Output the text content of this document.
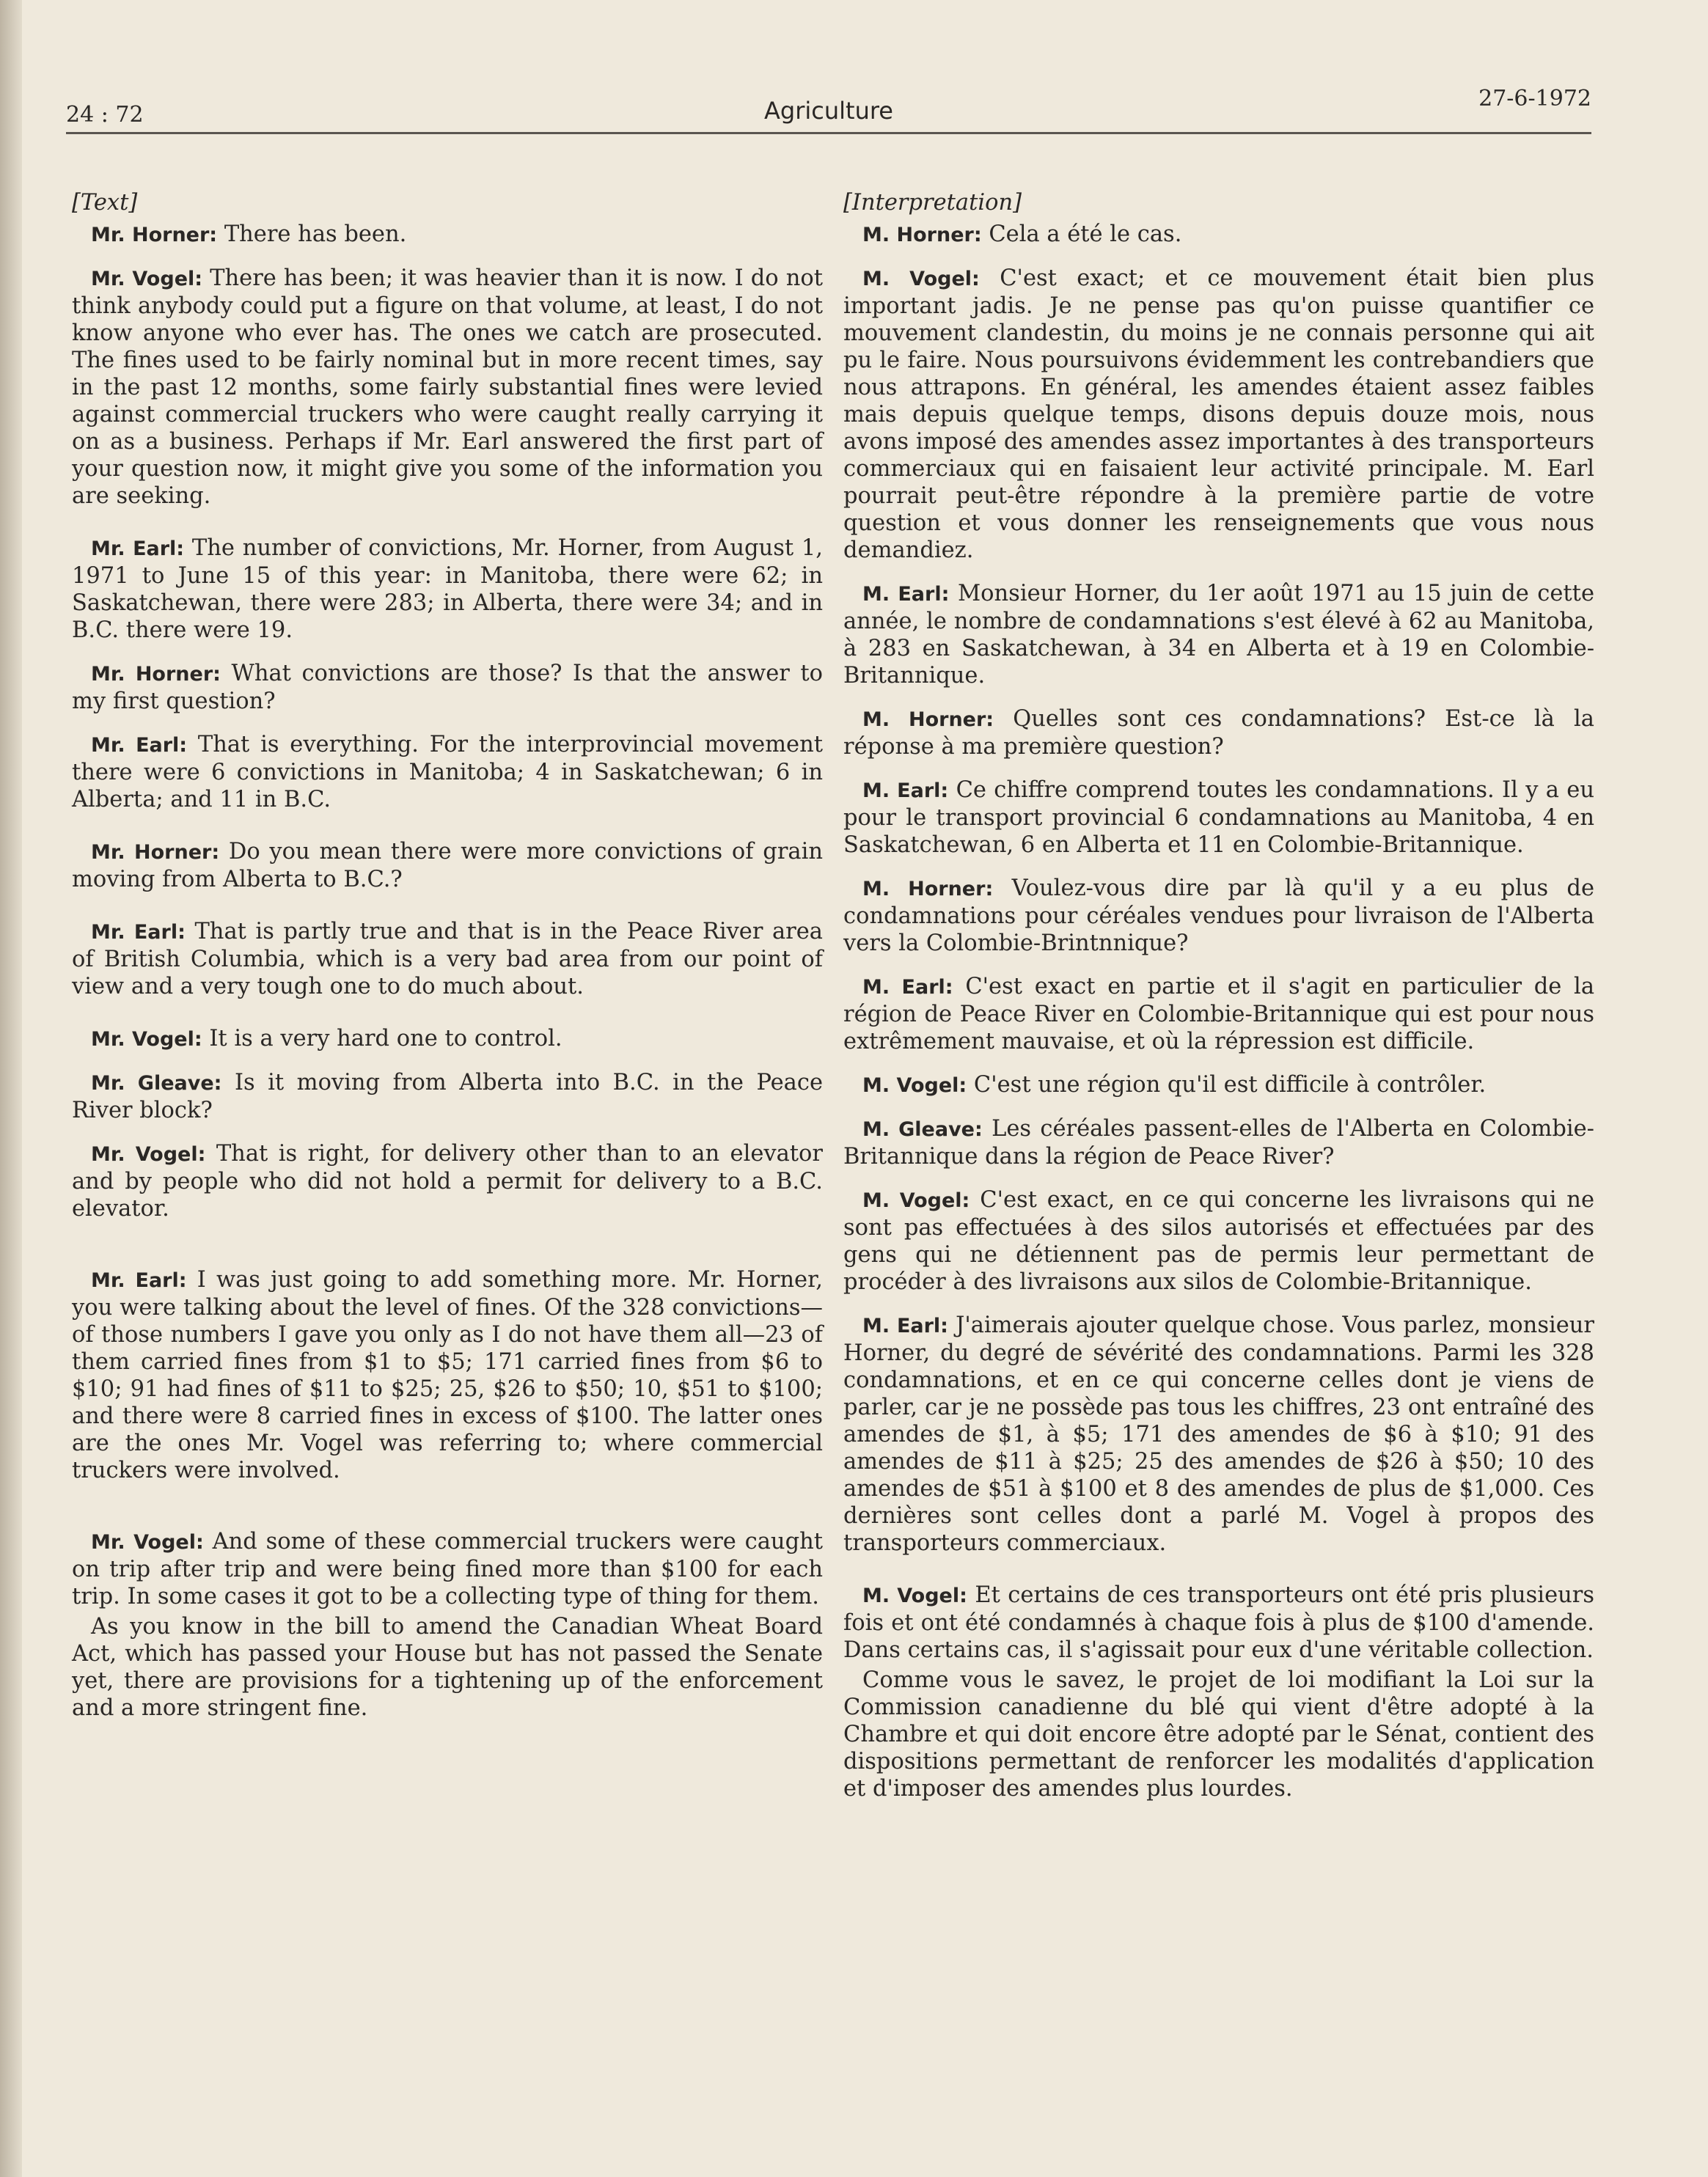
24 : 72	Agriculture	27-6-1972
[Text]

Mr. Horner: There has been.

Mr. Vogel: There has been; it was heavier than it is now. I do not think anybody could put a figure on that volume, at least, I do not know anyone who ever has. The ones we catch are prosecuted. The fines used to be fairly nominal but in more recent times, say in the past 12 months, some fairly substantial fines were levied against commercial truckers who were caught really carrying it on as a business. Perhaps if Mr. Earl answered the first part of your question now, it might give you some of the information you are seeking.

Mr. Earl: The number of convictions, Mr. Horner, from August 1, 1971 to June 15 of this year: in Manitoba, there were 62; in Saskatchewan, there were 283; in Alberta, there were 34; and in B.C. there were 19.

Mr. Horner: What convictions are those? Is that the answer to my first question?

Mr. Earl: That is everything. For the interprovincial movement there were 6 convictions in Manitoba; 4 in Saskatchewan; 6 in Alberta; and 11 in B.C.

Mr. Horner: Do you mean there were more convictions of grain moving from Alberta to B.C.?

Mr. Earl: That is partly true and that is in the Peace River area of British Columbia, which is a very bad area from our point of view and a very tough one to do much about.

Mr. Vogel: It is a very hard one to control.

Mr. Gleave: Is it moving from Alberta into B.C. in the Peace River block?

Mr. Vogel: That is right, for delivery other than to an elevator and by people who did not hold a permit for delivery to a B.C. elevator.

Mr. Earl: I was just going to add something more. Mr. Horner, you were talking about the level of fines. Of the 328 convictions—of those numbers I gave you only as I do not have them all—23 of them carried fines from $1 to $5; 171 carried fines from $6 to $10; 91 had fines of $11 to $25; 25, $26 to $50; 10, $51 to $100; and there were 8 carried fines in excess of $100. The latter ones are the ones Mr. Vogel was referring to; where commercial truckers were involved.

Mr. Vogel: And some of these commercial truckers were caught on trip after trip and were being fined more than $100 for each trip. In some cases it got to be a collecting type of thing for them.

As you know in the bill to amend the Canadian Wheat Board Act, which has passed your House but has not passed the Senate yet, there are provisions for a tightening up of the enforcement and a more stringent fine.

[Interpretation]

M. Horner: Cela a été le cas.

M. Vogel: C'est exact; et ce mouvement était bien plus important jadis. Je ne pense pas qu'on puisse quantifier ce mouvement clandestin, du moins je ne connais personne qui ait pu le faire. Nous poursuivons évidemment les contrebandiers que nous attrapons. En général, les amendes étaient assez faibles mais depuis quelque temps, disons depuis douze mois, nous avons imposé des amendes assez importantes à des transporteurs commerciaux qui en faisaient leur activité principale. M. Earl pourrait peut-être répondre à la première partie de votre question et vous donner les renseignements que vous nous demandiez.

M. Earl: Monsieur Horner, du 1er août 1971 au 15 juin de cette année, le nombre de condamnations s'est élevé à 62 au Manitoba, à 283 en Saskatchewan, à 34 en Alberta et à 19 en Colombie-Britannique.

M. Horner: Quelles sont ces condamnations? Est-ce là la réponse à ma première question?

M. Earl: Ce chiffre comprend toutes les condamnations. Il y a eu pour le transport provincial 6 condamnations au Manitoba, 4 en Saskatchewan, 6 en Alberta et 11 en Colombie-Britannique.

M. Horner: Voulez-vous dire par là qu'il y a eu plus de condamnations pour céréales vendues pour livraison de l'Alberta vers la Colombie-Brintnnique?

M. Earl: C'est exact en partie et il s'agit en particulier de la région de Peace River en Colombie-Britannique qui est pour nous extrêmement mauvaise, et où la répression est difficile.

M. Vogel: C'est une région qu'il est difficile à contrôler.

M. Gleave: Les céréales passent-elles de l'Alberta en Colombie-Britannique dans la région de Peace River?

M. Vogel: C'est exact, en ce qui concerne les livraisons qui ne sont pas effectuées à des silos autorisés et effectuées par des gens qui ne détiennent pas de permis leur permettant de procéder à des livraisons aux silos de Colombie-Britannique.

M. Earl: J'aimerais ajouter quelque chose. Vous parlez, monsieur Horner, du degré de sévérité des condamnations. Parmi les 328 condamnations, et en ce qui concerne celles dont je viens de parler, car je ne possède pas tous les chiffres, 23 ont entraîné des amendes de $1, à $5; 171 des amendes de $6 à $10; 91 des amendes de $11 à $25; 25 des amendes de $26 à $50; 10 des amendes de $51 à $100 et 8 des amendes de plus de $1,000. Ces dernières sont celles dont a parlé M. Vogel à propos des transporteurs commerciaux.

M. Vogel: Et certains de ces transporteurs ont été pris plusieurs fois et ont été condamnés à chaque fois à plus de $100 d'amende. Dans certains cas, il s'agissait pour eux d'une véritable collection.

Comme vous le savez, le projet de loi modifiant la Loi sur la Commission canadienne du blé qui vient d'être adopté à la Chambre et qui doit encore être adopté par le Sénat, contient des dispositions permettant de renforcer les modalités d'application et d'imposer des amendes plus lourdes.
